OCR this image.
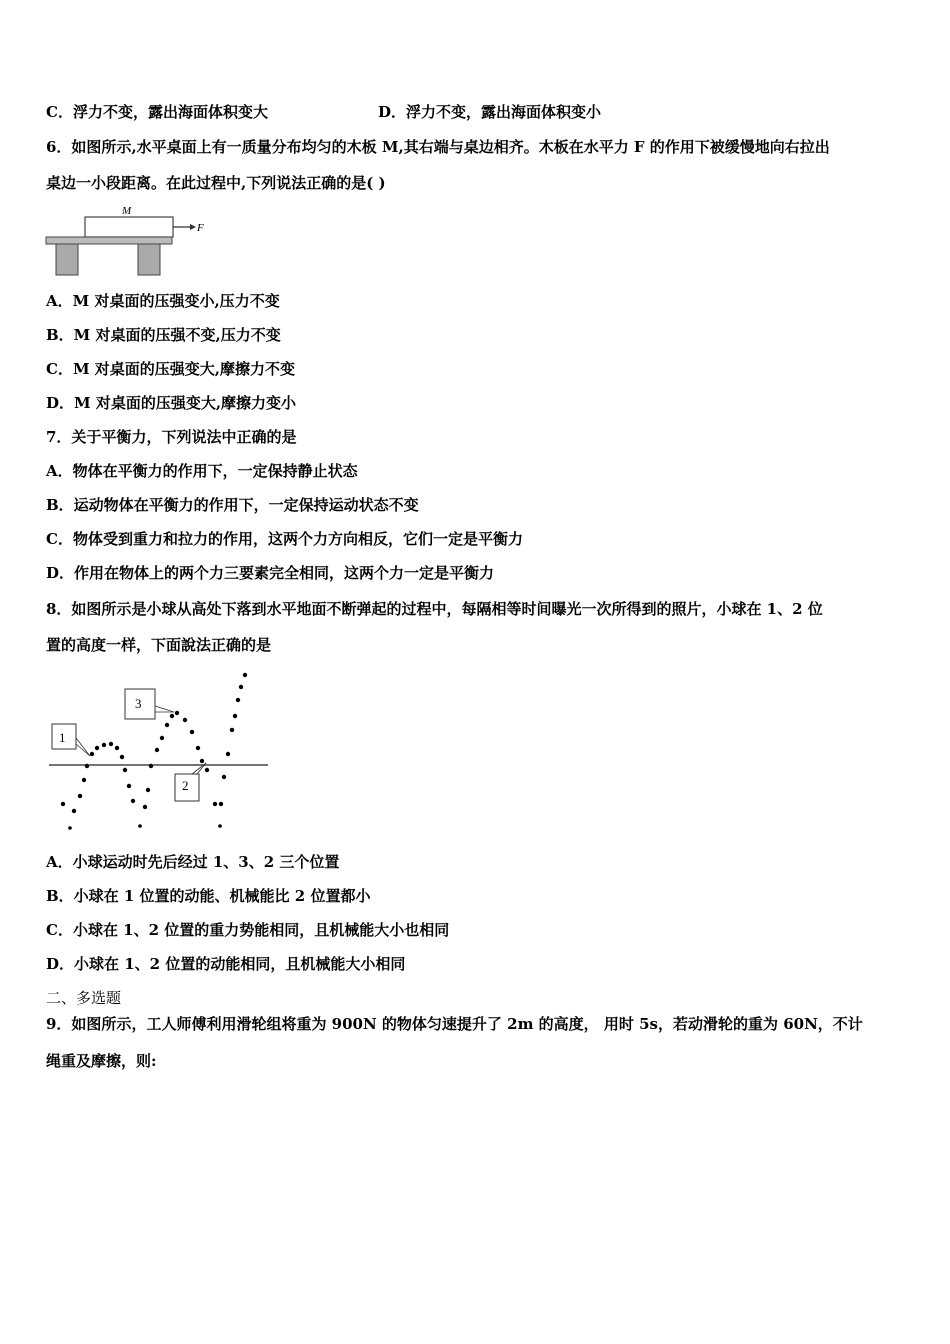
C．浮力不变，露出海面体积变大	D．浮力不变，露出海面体积变小
6．如图所示,水平桌面上有一质量分布均匀的木板 M,其右端与桌边相齐。木板在水平力 F 的作用下被缓慢地向右拉出
桌边一小段距离。在此过程中,下列说法正确的是( )
M
F
A．M 对桌面的压强变小,压力不变
B．M 对桌面的压强不变,压力不变
C．M 对桌面的压强变大,摩擦力不变
D．M 对桌面的压强变大,摩擦力变小
7．关于平衡力，下列说法中正确的是
A．物体在平衡力的作用下，一定保持静止状态
B．运动物体在平衡力的作用下，一定保持运动状态不变
C．物体受到重力和拉力的作用，这两个力方向相反，它们一定是平衡力
D．作用在物体上的两个力三要素完全相同，这两个力一定是平衡力
8．如图所示是小球从高处下落到水平地面不断弹起的过程中，每隔相等时间曝光一次所得到的照片，小球在 1、2 位
置的高度一样，下面說法正确的是
1
3
2
A．小球运动时先后经过 1、3、2 三个位置
B．小球在 1 位置的动能、机械能比 2 位置都小
C．小球在 1、2 位置的重力势能相同，且机械能大小也相同
D．小球在 1、2 位置的动能相同，且机械能大小相同
二、多选题
9．如图所示，工人师傅利用滑轮组将重为 900N 的物体匀速提升了 2m 的高度， 用时 5s，若动滑轮的重为 60N，不计
绳重及摩擦，则:
